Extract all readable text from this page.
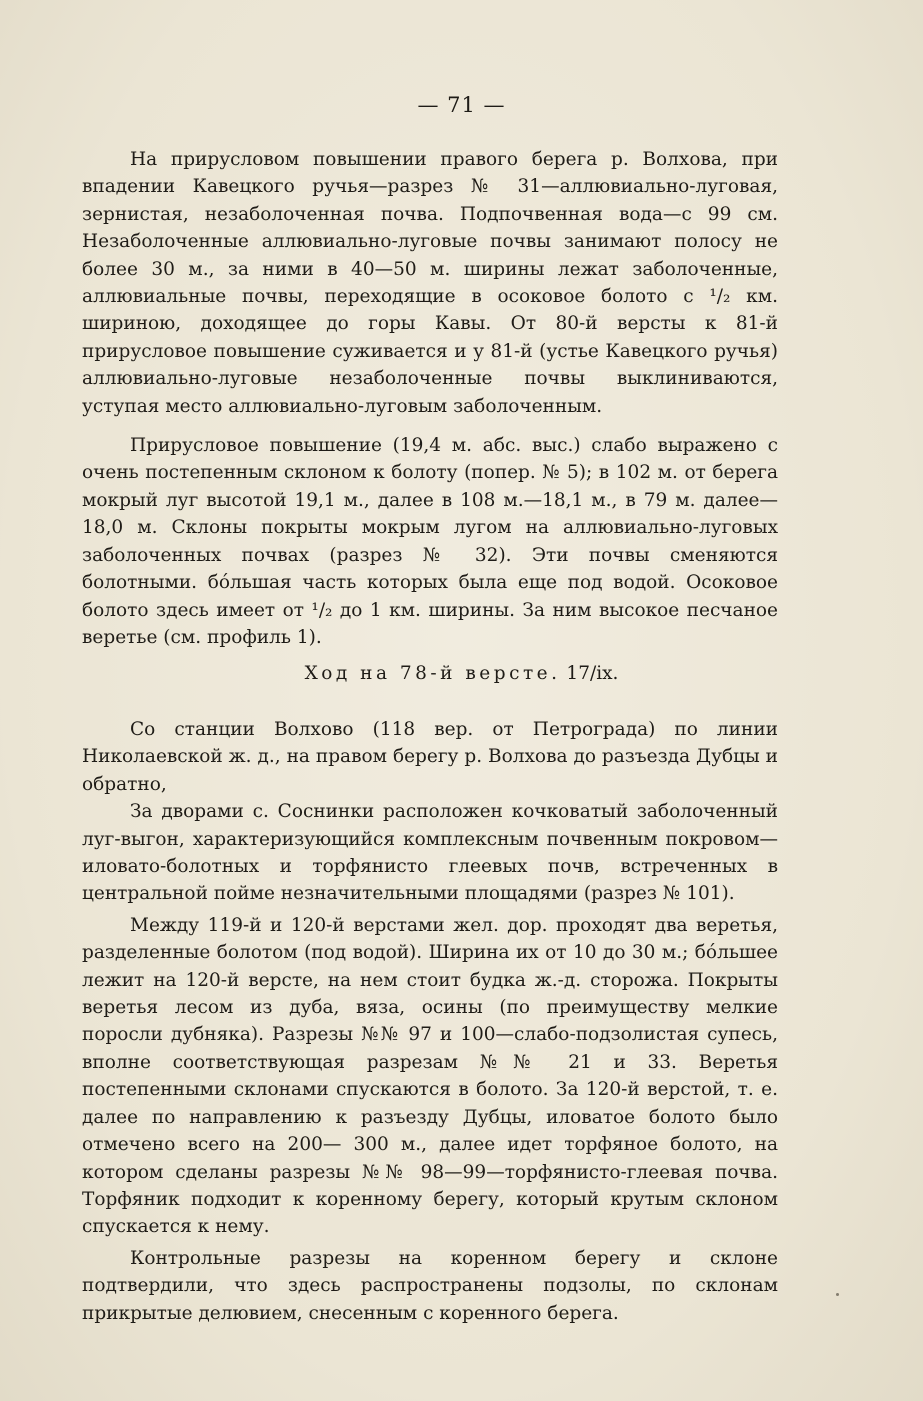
— 71 —

На прирусловом повышении правого берега р. Волхова, при впадении Кавецкого ручья—разрез № 31—аллювиально-луговая, зернистая, незаболоченная почва. Подпочвенная вода—с 99 см. Незаболоченные аллювиально-луговые почвы занимают полосу не более 30 м., за ними в 40—50 м. ширины лежат заболоченные, аллювиальные почвы, переходящие в осоковое болото с ¹/₂ км. шириною, доходящее до горы Кавы. От 80-й версты к 81-й прирусловое повышение суживается и у 81-й (устье Кавецкого ручья) аллювиально-луговые незаболоченные почвы выклиниваются, уступая место аллювиально-луговым заболоченным.

Прирусловое повышение (19,4 м. абс. выс.) слабо выражено с очень постепенным склоном к болоту (попер. № 5); в 102 м. от берега мокрый луг высотой 19,1 м., далее в 108 м.—18,1 м., в 79 м. далее— 18,0 м. Склоны покрыты мокрым лугом на аллювиально-луговых заболоченных почвах (разрез № 32). Эти почвы сменяются болотными. бо́льшая часть которых была еще под водой. Осоковое болото здесь имеет от ¹/₂ до 1 км. ширины. За ним высокое песчаное веретье (см. профиль 1).

Ход на 78-й версте. 17/ix.

Со станции Волхово (118 вер. от Петрограда) по линии Николаевской ж. д., на правом берегу р. Волхова до разъезда Дубцы и обратно,

За дворами с. Соснинки расположен кочковатый заболоченный луг-выгон, характеризующийся комплексным почвенным покровом—иловато-болотных и торфянисто глеевых почв, встреченных в центральной пойме незначительными площадями (разрез № 101).

Между 119-й и 120-й верстами жел. дор. проходят два веретья, разделенные болотом (под водой). Ширина их от 10 до 30 м.; бо́льшее лежит на 120-й версте, на нем стоит будка ж.-д. сторожа. Покрыты веретья лесом из дуба, вяза, осины (по преимуществу мелкие поросли дубняка). Разрезы №№ 97 и 100—слабо-подзолистая супесь, вполне соответствующая разрезам №№ 21 и 33. Веретья постепенными склонами спускаются в болото. За 120-й верстой, т. е. далее по направлению к разъезду Дубцы, иловатое болото было отмечено всего на 200— 300 м., далее идет торфяное болото, на котором сделаны разрезы №№ 98—99—торфянисто-глеевая почва. Торфяник подходит к коренному берегу, который крутым склоном спускается к нему.

Контрольные разрезы на коренном берегу и склоне подтвердили, что здесь распространены подзолы, по склонам прикрытые делювием, снесенным с коренного берега.
